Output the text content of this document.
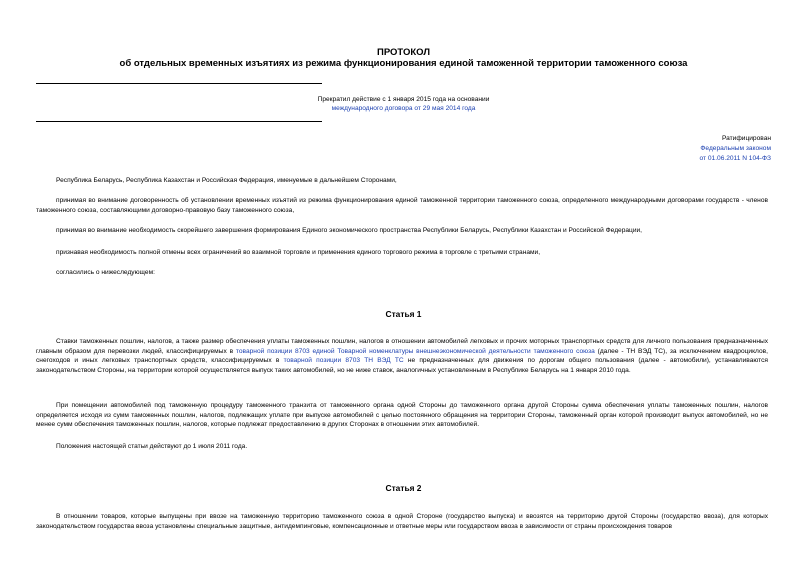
ПРОТОКОЛ
об отдельных временных изъятиях из режима функционирования единой таможенной территории таможенного союза
Прекратил действие с 1 января 2015 года на основании
международного договора от 29 мая 2014 года
Ратифицирован
Федеральным законом
от 01.06.2011 N 104-ФЗ

Республика Беларусь, Республика Казахстан и Российская Федерация, именуемые в дальнейшем Сторонами,

принимая во внимание договоренность об установлении временных изъятий из режима функционирования единой таможенной территории таможенного союза, определенного международными договорами государств - членов таможенного союза, составляющими договорно-правовую базу таможенного союза,

принимая во внимание необходимость скорейшего завершения формирования Единого экономического пространства Республики Беларусь, Республики Казахстан и Российской Федерации,

признавая необходимость полной отмены всех ограничений во взаимной торговле и применения единого торгового режима в торговле с третьими странами,

согласились о нижеследующем:

Статья 1

Ставки таможенных пошлин, налогов, а также размер обеспечения уплаты таможенных пошлин, налогов в отношении автомобилей легковых и прочих моторных транспортных средств для личного пользования предназначенных главным образом для перевозки людей, классифицируемых в товарной позиции 8703 единой Товарной номенклатуры внешнеэкономической деятельности таможенного союза (далее - ТН ВЭД ТС), за исключением квадроциклов, снегоходов и иных легковых транспортных средств, классифицируемых в товарной позиции 8703 ТН ВЭД ТС не предназначенных для движения по дорогам общего пользования (далее - автомобили), устанавливаются законодательством Стороны, на территории которой осуществляется выпуск таких автомобилей, но не ниже ставок, аналогичных установленным в Республике Беларусь на 1 января 2010 года.

При помещении автомобилей под таможенную процедуру таможенного транзита от таможенного органа одной Стороны до таможенного органа другой Стороны сумма обеспечения уплаты таможенных пошлин, налогов определяется исходя из сумм таможенных пошлин, налогов, подлежащих уплате при выпуске автомобилей с целью постоянного обращения на территории Стороны, таможенный орган которой производит выпуск автомобилей, но не менее сумм обеспечения таможенных пошлин, налогов, которые подлежат предоставлению в других Сторонах в отношении этих автомобилей.

Положения настоящей статьи действуют до 1 июля 2011 года.

Статья 2

В отношении товаров, которые выпущены при ввозе на таможенную территорию таможенного союза в одной Стороне (государство выпуска) и ввозятся на территорию другой Стороны (государство ввоза), для которых законодательством государства ввоза установлены специальные защитные, антидемпинговые, компенсационные и ответные меры или государством ввоза в зависимости от страны происхождения товаров
